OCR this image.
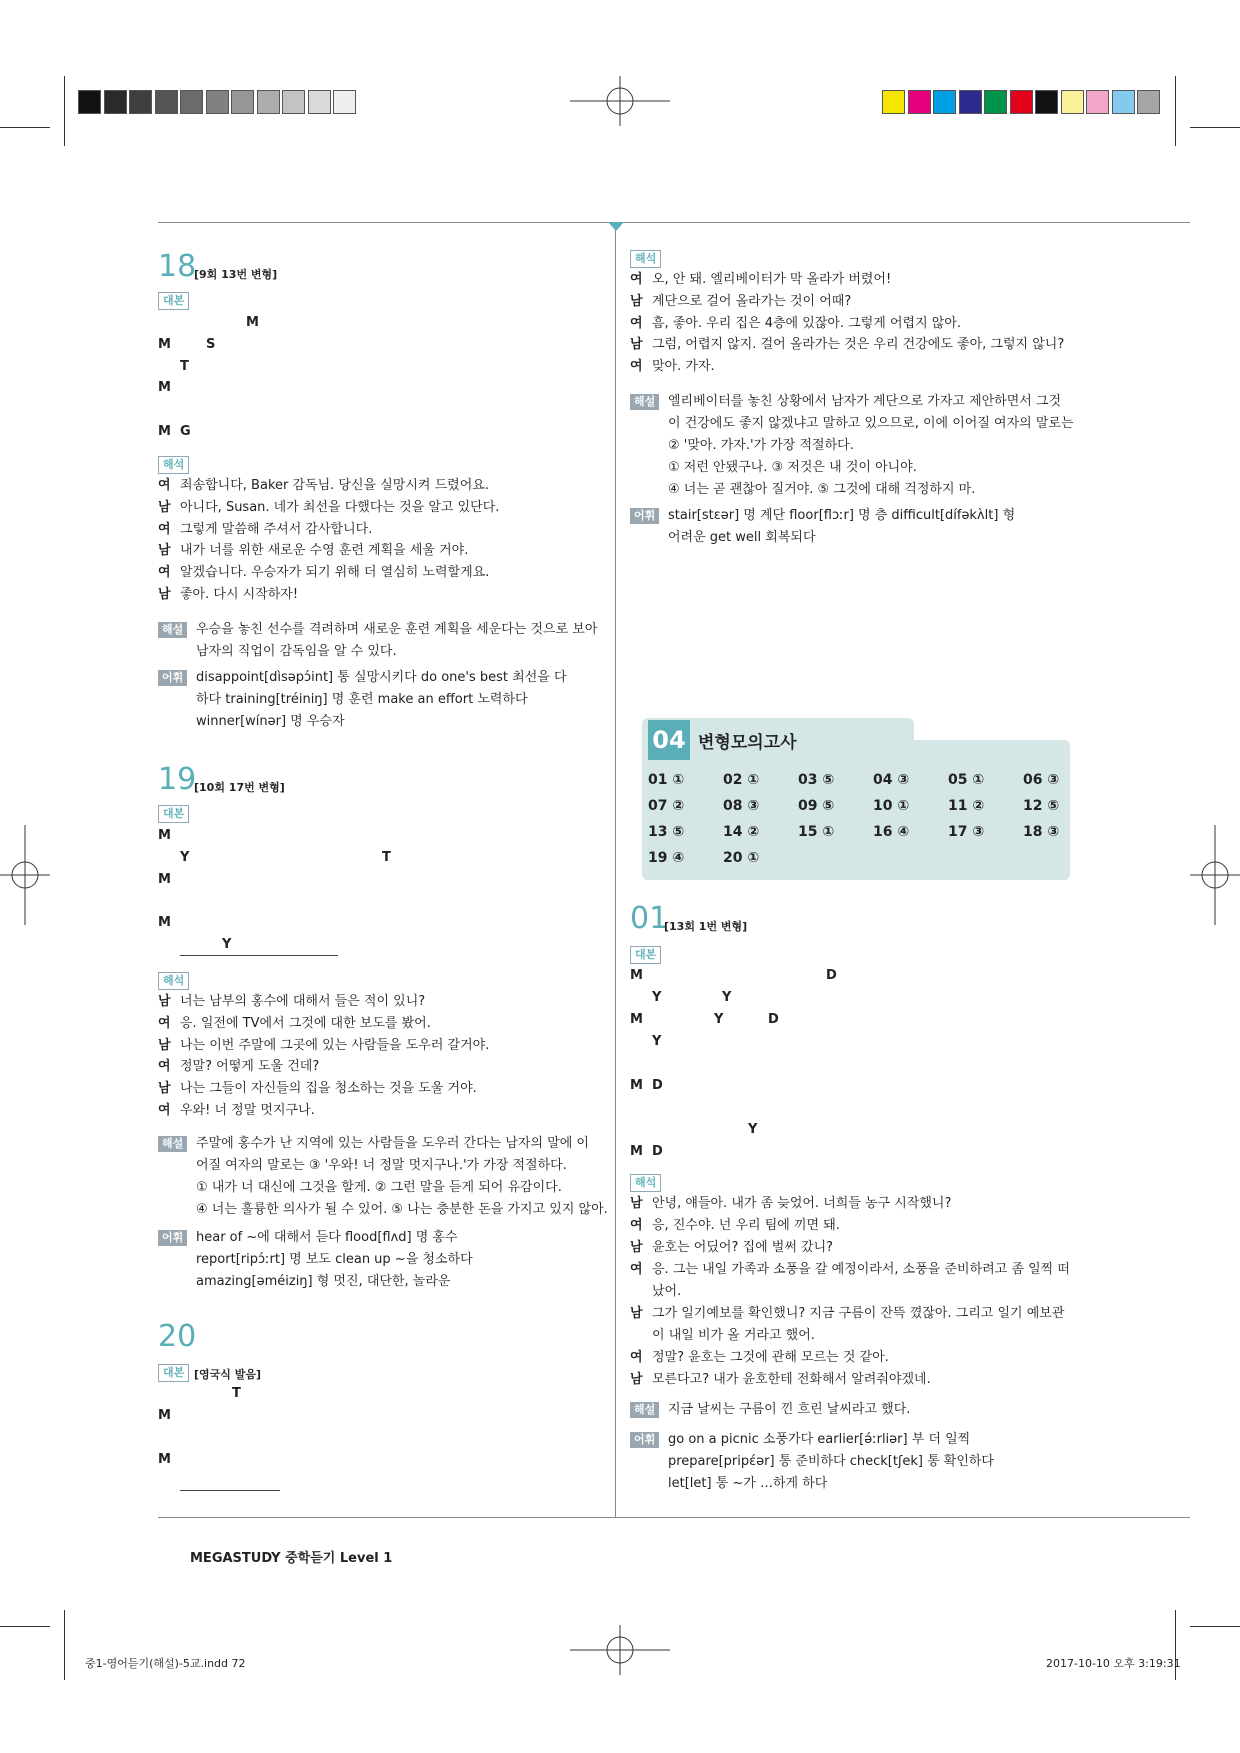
18
[9회 13번 변형]
대본
M
M	S
T
M
M G
해석
여 죄송합니다, Baker 감독님. 당신을 실망시켜 드렸어요.
남 아니다, Susan. 네가 최선을 다했다는 것을 알고 있단다.
여 그렇게 말씀해 주셔서 감사합니다.
남 내가 너를 위한 새로운 수영 훈련 계획을 세울 거야.
여 알겠습니다. 우승자가 되기 위해 더 열심히 노력할게요.
남 좋아. 다시 시작하자!
해설 우승을 놓친 선수를 격려하며 새로운 훈련 계획을 세운다는 것으로 보아
남자의 직업이 감독임을 알 수 있다.
어휘 disappoint[dìsəpɔ́int] 통 실망시키다 do one's best 최선을 다
하다 training[tréiniŋ] 명 훈련 make an effort 노력하다
winner[wínər] 명 우승자
19
[10회 17번 변형]
대본
M
Y	T
M
M
Y
해석
남 너는 남부의 홍수에 대해서 들은 적이 있니?
여 응. 일전에 TV에서 그것에 대한 보도를 봤어.
남 나는 이번 주말에 그곳에 있는 사람들을 도우러 갈거야.
여 정말? 어떻게 도울 건데?
남 나는 그들이 자신들의 집을 청소하는 것을 도울 거야.
여 우와! 너 정말 멋지구나.
해설 주말에 홍수가 난 지역에 있는 사람들을 도우러 간다는 남자의 말에 이
어질 여자의 말로는 ③ '우와! 너 정말 멋지구나.'가 가장 적절하다.
① 내가 너 대신에 그것을 할게. ② 그런 말을 듣게 되어 유감이다.
④ 너는 훌륭한 의사가 될 수 있어. ⑤ 나는 충분한 돈을 가지고 있지 않아.
어휘 hear of ~에 대해서 듣다 flood[flʌd] 명 홍수
report[ripɔ́ːrt] 명 보도 clean up ~을 청소하다
amazing[əméiziŋ] 형 멋진, 대단한, 놀라운
20
대본 [영국식 발음]
T
M
M
해석
여 오, 안 돼. 엘리베이터가 막 올라가 버렸어!
남 계단으로 걸어 올라가는 것이 어때?
여 흠, 좋아. 우리 집은 4층에 있잖아. 그렇게 어렵지 않아.
남 그럼, 어렵지 않지. 걸어 올라가는 것은 우리 건강에도 좋아, 그렇지 않니?
여 맞아. 가자.
해설 엘리베이터를 놓친 상황에서 남자가 계단으로 가자고 제안하면서 그것
이 건강에도 좋지 않겠냐고 말하고 있으므로, 이에 이어질 여자의 말로는
② '맞아. 가자.'가 가장 적절하다.
① 저런 안됐구나. ③ 저것은 내 것이 아니야.
④ 너는 곧 괜찮아 질거야. ⑤ 그것에 대해 걱정하지 마.
어휘 stair[stɛər] 명 계단 floor[flɔːr] 명 층 difficult[dífəkʌ̀lt] 형
어려운 get well 회복되다
04 변형모의고사
01 ①	02 ①	03 ⑤	04 ③	05 ①	06 ③
07 ②	08 ③	09 ⑤	10 ①	11 ②	12 ⑤
13 ⑤	14 ②	15 ①	16 ④	17 ③	18 ③
19 ④	20 ①
01
[13회 1번 변형]
대본
M	D
Y	Y
M	Y	D
Y
M D
Y
M D
해석
남 안녕, 얘들아. 내가 좀 늦었어. 너희들 농구 시작했니?
여 응, 진수야. 넌 우리 팀에 끼면 돼.
남 윤호는 어딨어? 집에 벌써 갔니?
여 응. 그는 내일 가족과 소풍을 갈 예정이라서, 소풍을 준비하려고 좀 일찍 떠
났어.
남 그가 일기예보를 확인했니? 지금 구름이 잔뜩 꼈잖아. 그리고 일기 예보관
이 내일 비가 올 거라고 했어.
여 정말? 윤호는 그것에 관해 모르는 것 같아.
남 모른다고? 내가 윤호한테 전화해서 알려줘야겠네.
해설 지금 날씨는 구름이 낀 흐린 날씨라고 했다.
어휘 go on a picnic 소풍가다 earlier[ə́ːrliər] 부 더 일찍
prepare[pripέər] 통 준비하다 check[tʃek] 통 확인하다
let[let] 통 ~가 …하게 하다
MEGASTUDY 중학듣기 Level 1
중1-영어듣기(해설)-5교.indd 72	2017-10-10 오후 3:19:31
